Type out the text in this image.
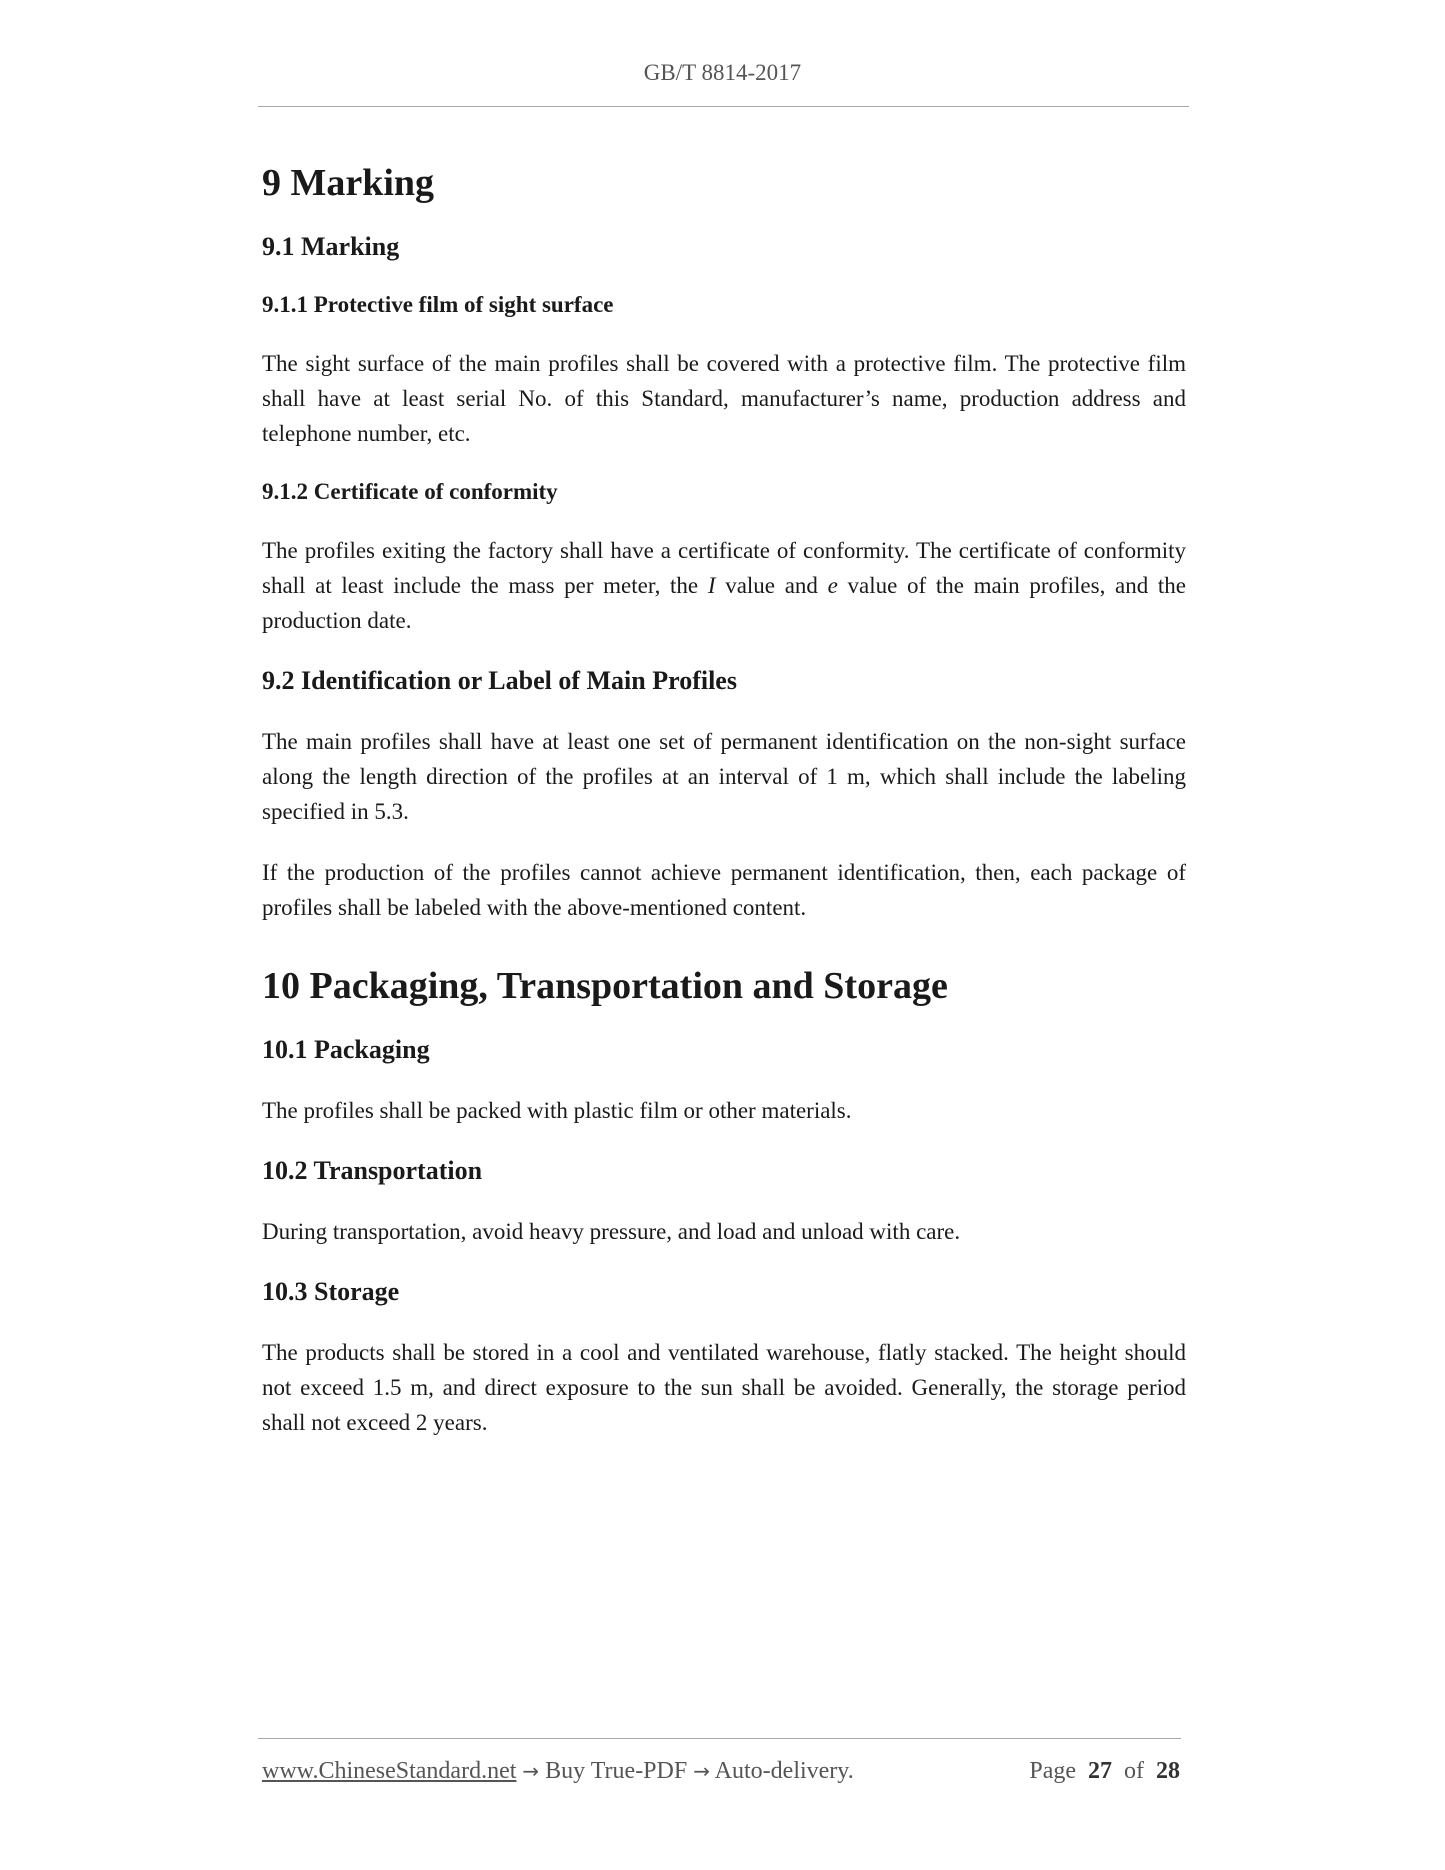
GB/T 8814-2017
9 Marking
9.1 Marking
9.1.1 Protective film of sight surface

The sight surface of the main profiles shall be covered with a protective film. The protective film shall have at least serial No. of this Standard, manufacturer’s name, production address and telephone number, etc.

9.1.2 Certificate of conformity

The profiles exiting the factory shall have a certificate of conformity. The certificate of conformity shall at least include the mass per meter, the I value and e value of the main profiles, and the production date.

9.2 Identification or Label of Main Profiles

The main profiles shall have at least one set of permanent identification on the non-sight surface along the length direction of the profiles at an interval of 1 m, which shall include the labeling specified in 5.3.

If the production of the profiles cannot achieve permanent identification, then, each package of profiles shall be labeled with the above-mentioned content.

10 Packaging, Transportation and Storage
10.1 Packaging

The profiles shall be packed with plastic film or other materials.

10.2 Transportation

During transportation, avoid heavy pressure, and load and unload with care.

10.3 Storage

The products shall be stored in a cool and ventilated warehouse, flatly stacked. The height should not exceed 1.5 m, and direct exposure to the sun shall be avoided. Generally, the storage period shall not exceed 2 years.

www.ChineseStandard.net → Buy True-PDF → Auto-delivery.	Page 27 of 28
